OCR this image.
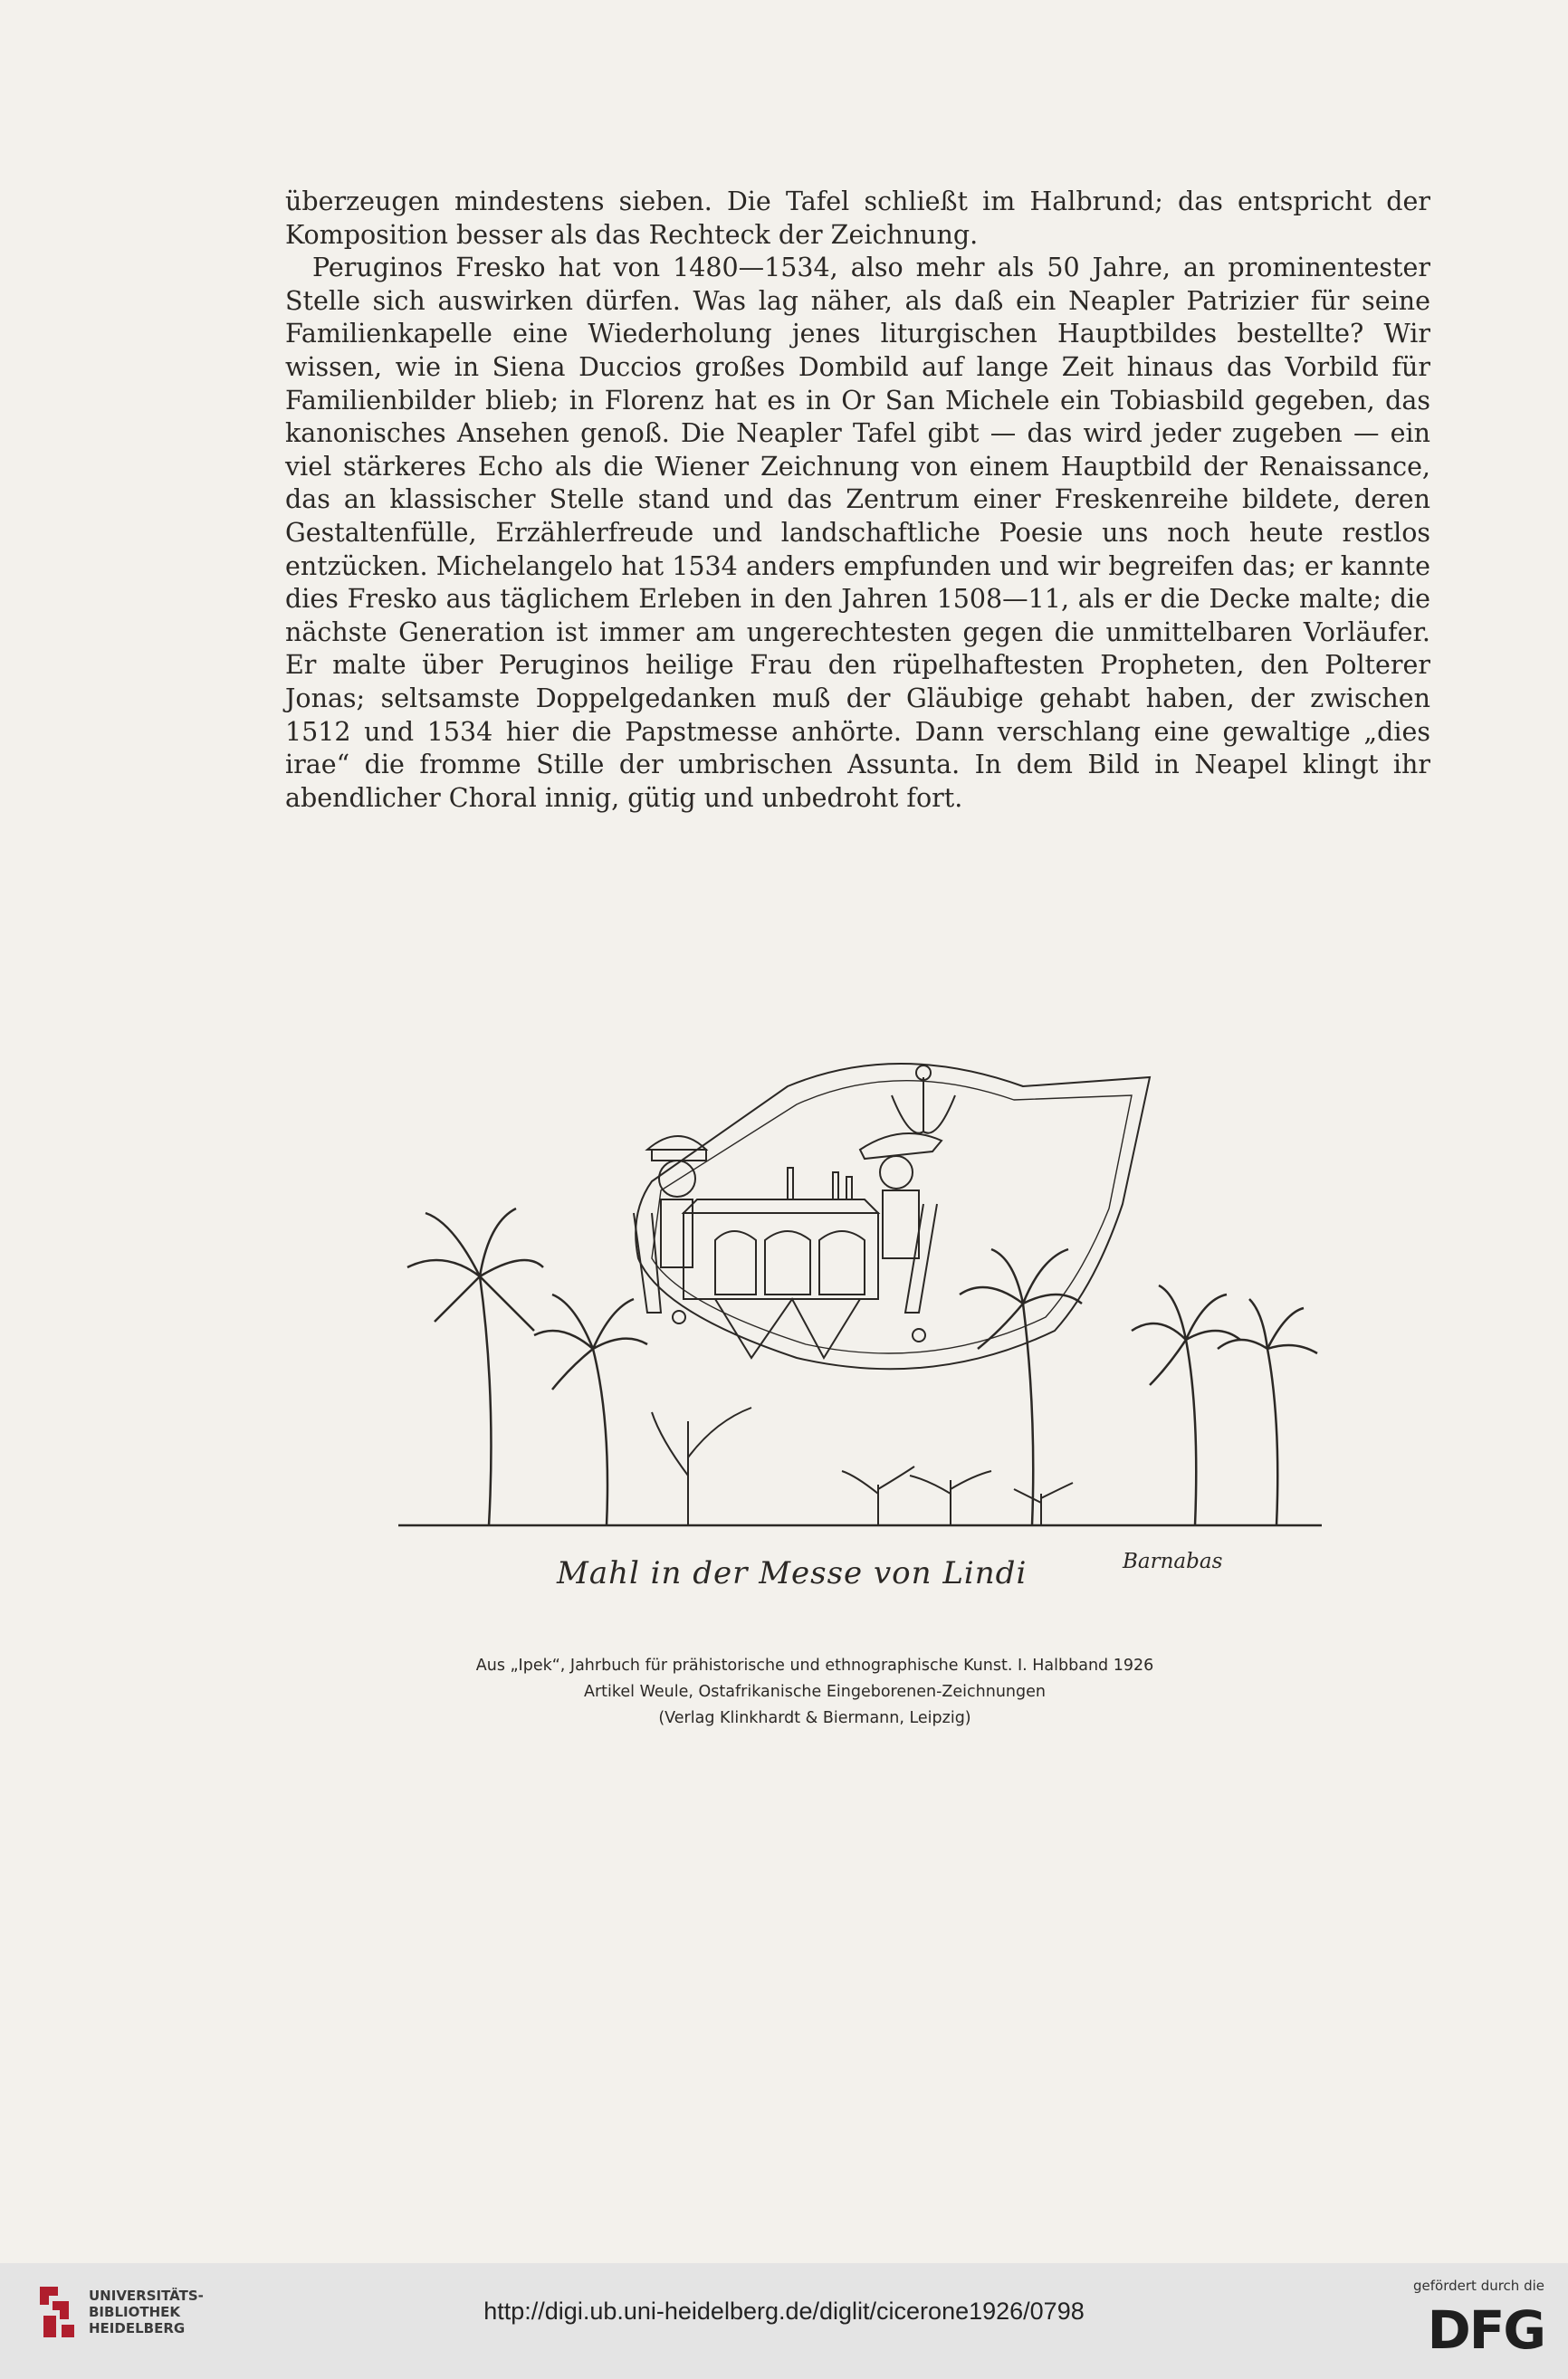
überzeugen mindestens sieben. Die Tafel schließt im Halbrund; das entspricht der Komposition besser als das Rechteck der Zeichnung.

Peruginos Fresko hat von 1480—1534, also mehr als 50 Jahre, an prominentester Stelle sich auswirken dürfen. Was lag näher, als daß ein Neapler Patrizier für seine Familienkapelle eine Wiederholung jenes liturgischen Hauptbildes bestellte? Wir wissen, wie in Siena Duccios großes Dombild auf lange Zeit hinaus das Vorbild für Familienbilder blieb; in Florenz hat es in Or San Michele ein Tobiasbild gegeben, das kanonisches Ansehen genoß. Die Neapler Tafel gibt — das wird jeder zugeben — ein viel stärkeres Echo als die Wiener Zeichnung von einem Hauptbild der Renaissance, das an klassischer Stelle stand und das Zentrum einer Freskenreihe bildete, deren Gestaltenfülle, Erzählerfreude und landschaftliche Poesie uns noch heute restlos entzücken. Michelangelo hat 1534 anders empfunden und wir begreifen das; er kannte dies Fresko aus täglichem Erleben in den Jahren 1508—11, als er die Decke malte; die nächste Generation ist immer am ungerechtesten gegen die unmittelbaren Vorläufer. Er malte über Peruginos heilige Frau den rüpelhaftesten Propheten, den Polterer Jonas; seltsamste Doppelgedanken muß der Gläubige gehabt haben, der zwischen 1512 und 1534 hier die Papstmesse anhörte. Dann verschlang eine gewaltige „dies irae“ die fromme Stille der umbrischen Assunta. In dem Bild in Neapel klingt ihr abendlicher Choral innig, gütig und unbedroht fort.

Mahl in der Messe von Lindi	Barnabas
Aus „Ipek“, Jahrbuch für prähistorische und ethnographische Kunst. I. Halbband 1926
Artikel Weule, Ostafrikanische Eingeborenen-Zeichnungen
(Verlag Klinkhardt & Biermann, Leipzig)
UNIVERSITÄTS-
BIBLIOTHEK
HEIDELBERG
http://digi.ub.uni-heidelberg.de/diglit/cicerone1926/0798
gefördert durch die
DFG
